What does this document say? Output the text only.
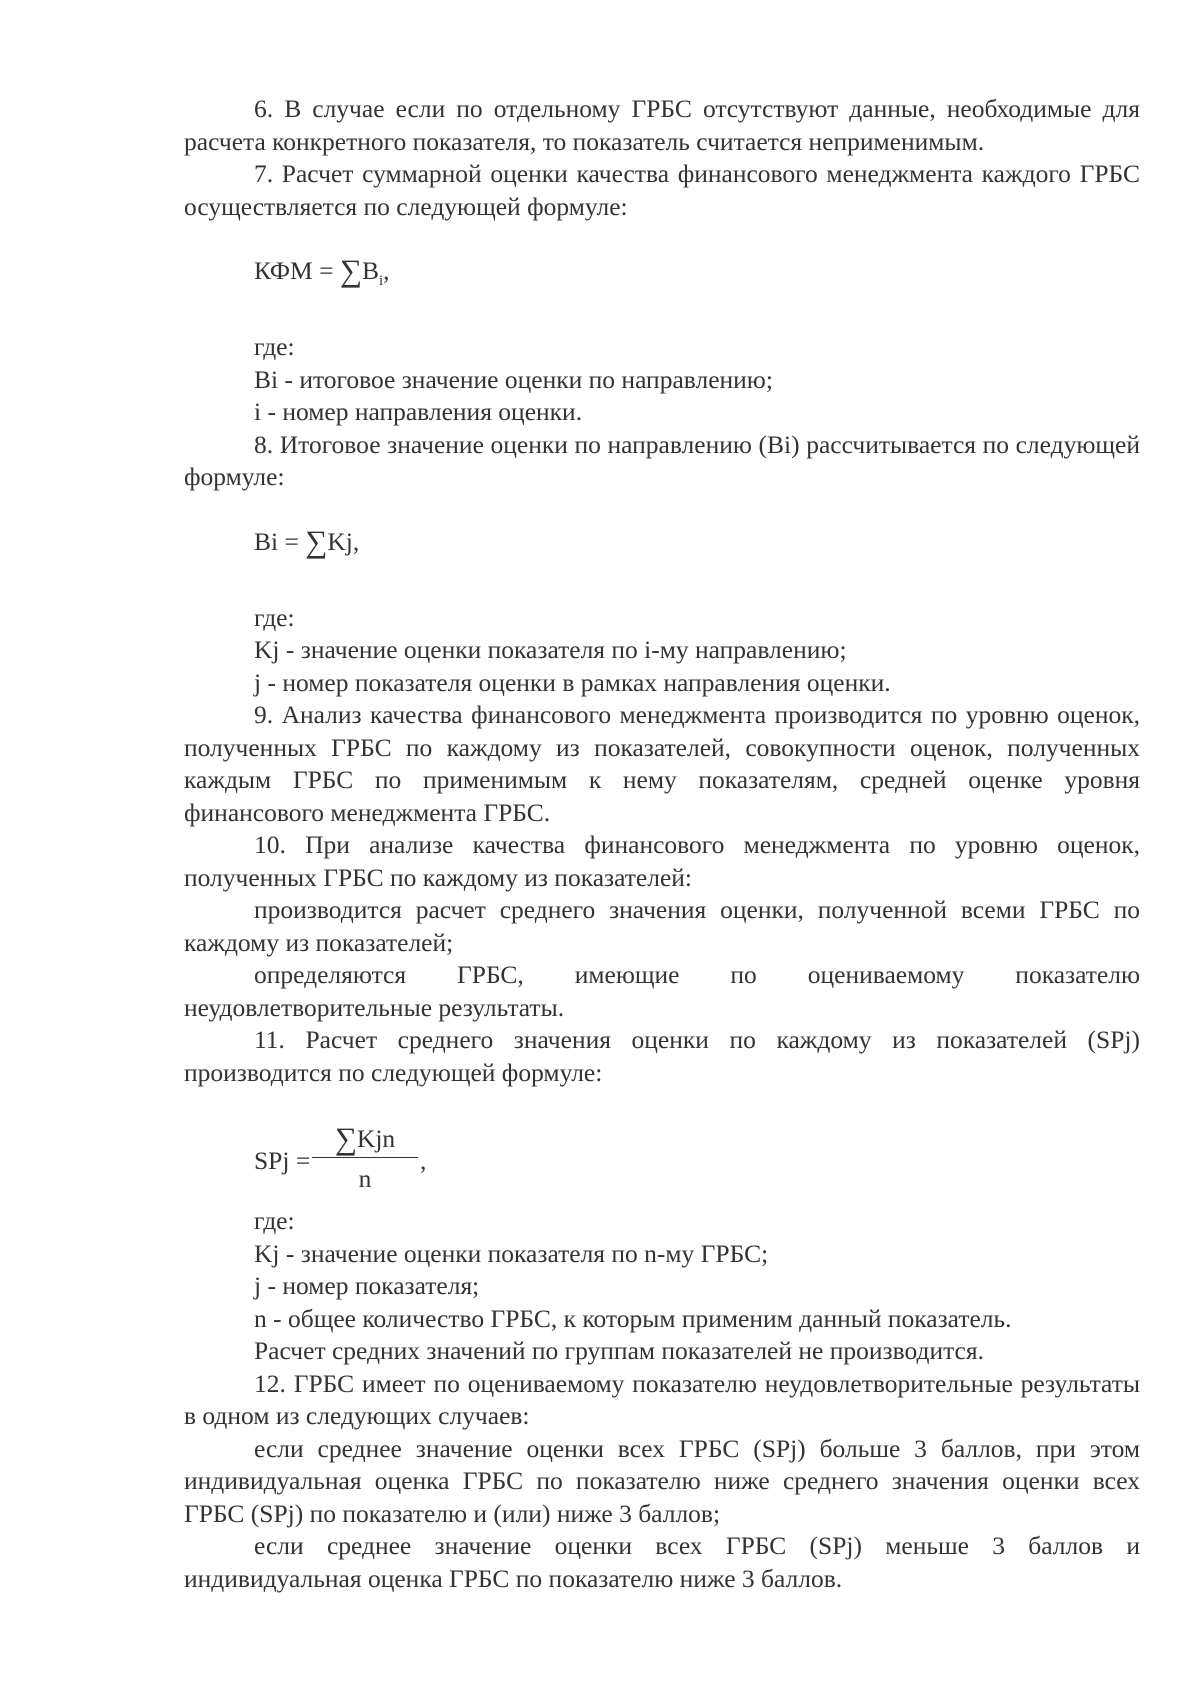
6. В случае если по отдельному ГРБС отсутствуют данные, необходимые для расчета конкретного показателя, то показатель считается неприменимым.

7. Расчет суммарной оценки качества финансового менеджмента каждого ГРБС осуществляется по следующей формуле:

КФМ = $\sum B_i$,

где:

Bi - итоговое значение оценки по направлению;

i - номер направления оценки.

8. Итоговое значение оценки по направлению (Bi) рассчитывается по следующей формуле:

Bi = ∑Kj,

где:

Kj - значение оценки показателя по i-му направлению;

j - номер показателя оценки в рамках направления оценки.

9. Анализ качества финансового менеджмента производится по уровню оценок, полученных ГРБС по каждому из показателей, совокупности оценок, полученных каждым ГРБС по применимым к нему показателям, средней оценке уровня финансового менеджмента ГРБС.

10. При анализе качества финансового менеджмента по уровню оценок, полученных ГРБС по каждому из показателей:

производится расчет среднего значения оценки, полученной всеми ГРБС по каждому из показателей;

определяются ГРБС, имеющие по оцениваемому показателю неудовлетворительные результаты.

11. Расчет среднего значения оценки по каждому из показателей (SPj) производится по следующей формуле:

SPj =
∑Kjn
n
,

где:

Kj - значение оценки показателя по n-му ГРБС;

j - номер показателя;

n - общее количество ГРБС, к которым применим данный показатель.

Расчет средних значений по группам показателей не производится.

12. ГРБС имеет по оцениваемому показателю неудовлетворительные результаты в одном из следующих случаев:

если среднее значение оценки всех ГРБС (SPj) больше 3 баллов, при этом индивидуальная оценка ГРБС по показателю ниже среднего значения оценки всех ГРБС (SPj) по показателю и (или) ниже 3 баллов;

если среднее значение оценки всех ГРБС (SPj) меньше 3 баллов и индивидуальная оценка ГРБС по показателю ниже 3 баллов.
